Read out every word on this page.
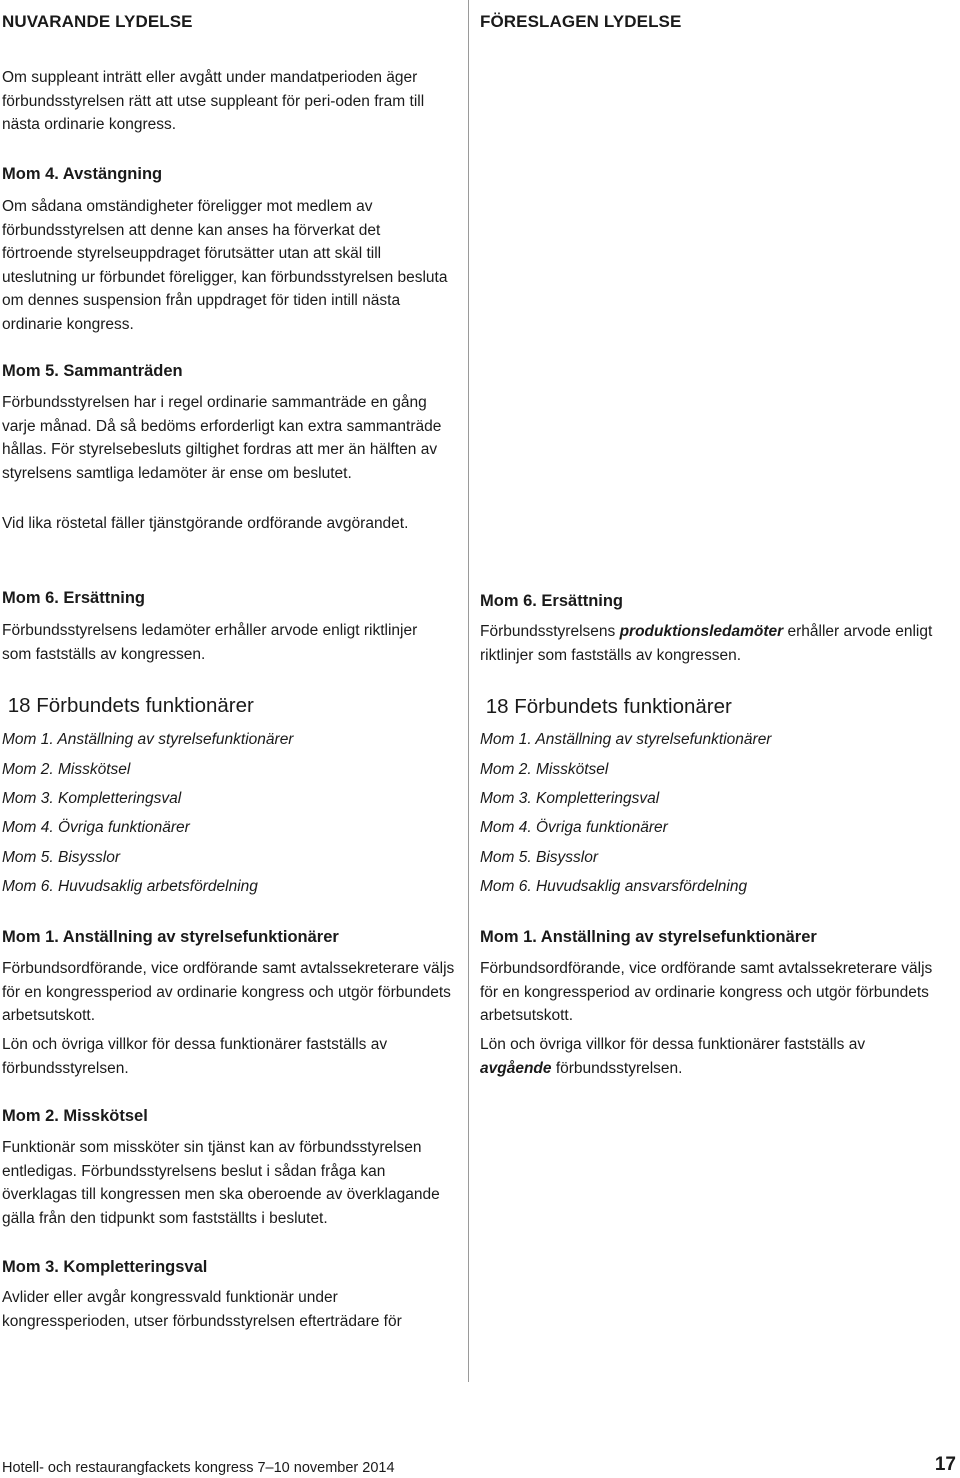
NUVARANDE LYDELSE

Om suppleant inträtt eller avgått under mandatperioden äger förbundsstyrelsen rätt att utse suppleant för peri-oden fram till nästa ordinarie kongress.

Mom 4. Avstängning

Om sådana omständigheter föreligger mot medlem av förbundsstyrelsen att denne kan anses ha förverkat det förtroende styrelseuppdraget förutsätter utan att skäl till uteslutning ur förbundet föreligger, kan förbundsstyrelsen besluta om dennes suspension från uppdraget för tiden intill nästa ordinarie kongress.

Mom 5. Sammanträden

Förbundsstyrelsen har i regel ordinarie sammanträde en gång varje månad. Då så bedöms erforderligt kan extra sammanträde hållas. För styrelsebesluts giltighet fordras att mer än hälften av styrelsens samtliga ledamöter är ense om beslutet.

Vid lika röstetal fäller tjänstgörande ordförande avgörandet.

Mom 6. Ersättning

Förbundsstyrelsens ledamöter erhåller arvode enligt riktlinjer som fastställs av kongressen.

18 Förbundets funktionärer
Mom 1. Anställning av styrelsefunktionärer
Mom 2. Misskötsel
Mom 3. Kompletteringsval
Mom 4. Övriga funktionärer
Mom 5. Bisysslor
Mom 6. Huvudsaklig arbetsfördelning
Mom 1. Anställning av styrelsefunktionärer

Förbundsordförande, vice ordförande samt avtalssekreterare väljs för en kongressperiod av ordinarie kongress och utgör förbundets arbetsutskott.

Lön och övriga villkor för dessa funktionärer fastställs av förbundsstyrelsen.

Mom 2. Misskötsel

Funktionär som missköter sin tjänst kan av förbundsstyrelsen entledigas. Förbundsstyrelsens beslut i sådan fråga kan överklagas till kongressen men ska oberoende av överklagande gälla från den tidpunkt som fastställts i beslutet.

Mom 3. Kompletteringsval

Avlider eller avgår kongressvald funktionär under kongressperioden, utser förbundsstyrelsen efterträdare för

FÖRESLAGEN LYDELSE
Mom 6. Ersättning

Förbundsstyrelsens produktionsledamöter erhåller arvode enligt riktlinjer som fastställs av kongressen.

18 Förbundets funktionärer
Mom 1. Anställning av styrelsefunktionärer
Mom 2. Misskötsel
Mom 3. Kompletteringsval
Mom 4. Övriga funktionärer
Mom 5. Bisysslor
Mom 6. Huvudsaklig ansvarsfördelning
Mom 1. Anställning av styrelsefunktionärer

Förbundsordförande, vice ordförande samt avtalssekreterare väljs för en kongressperiod av ordinarie kongress och utgör förbundets arbetsutskott.

Lön och övriga villkor för dessa funktionärer fastställs av avgående förbundsstyrelsen.

Hotell- och restaurangfackets kongress 7–10 november 2014	17
